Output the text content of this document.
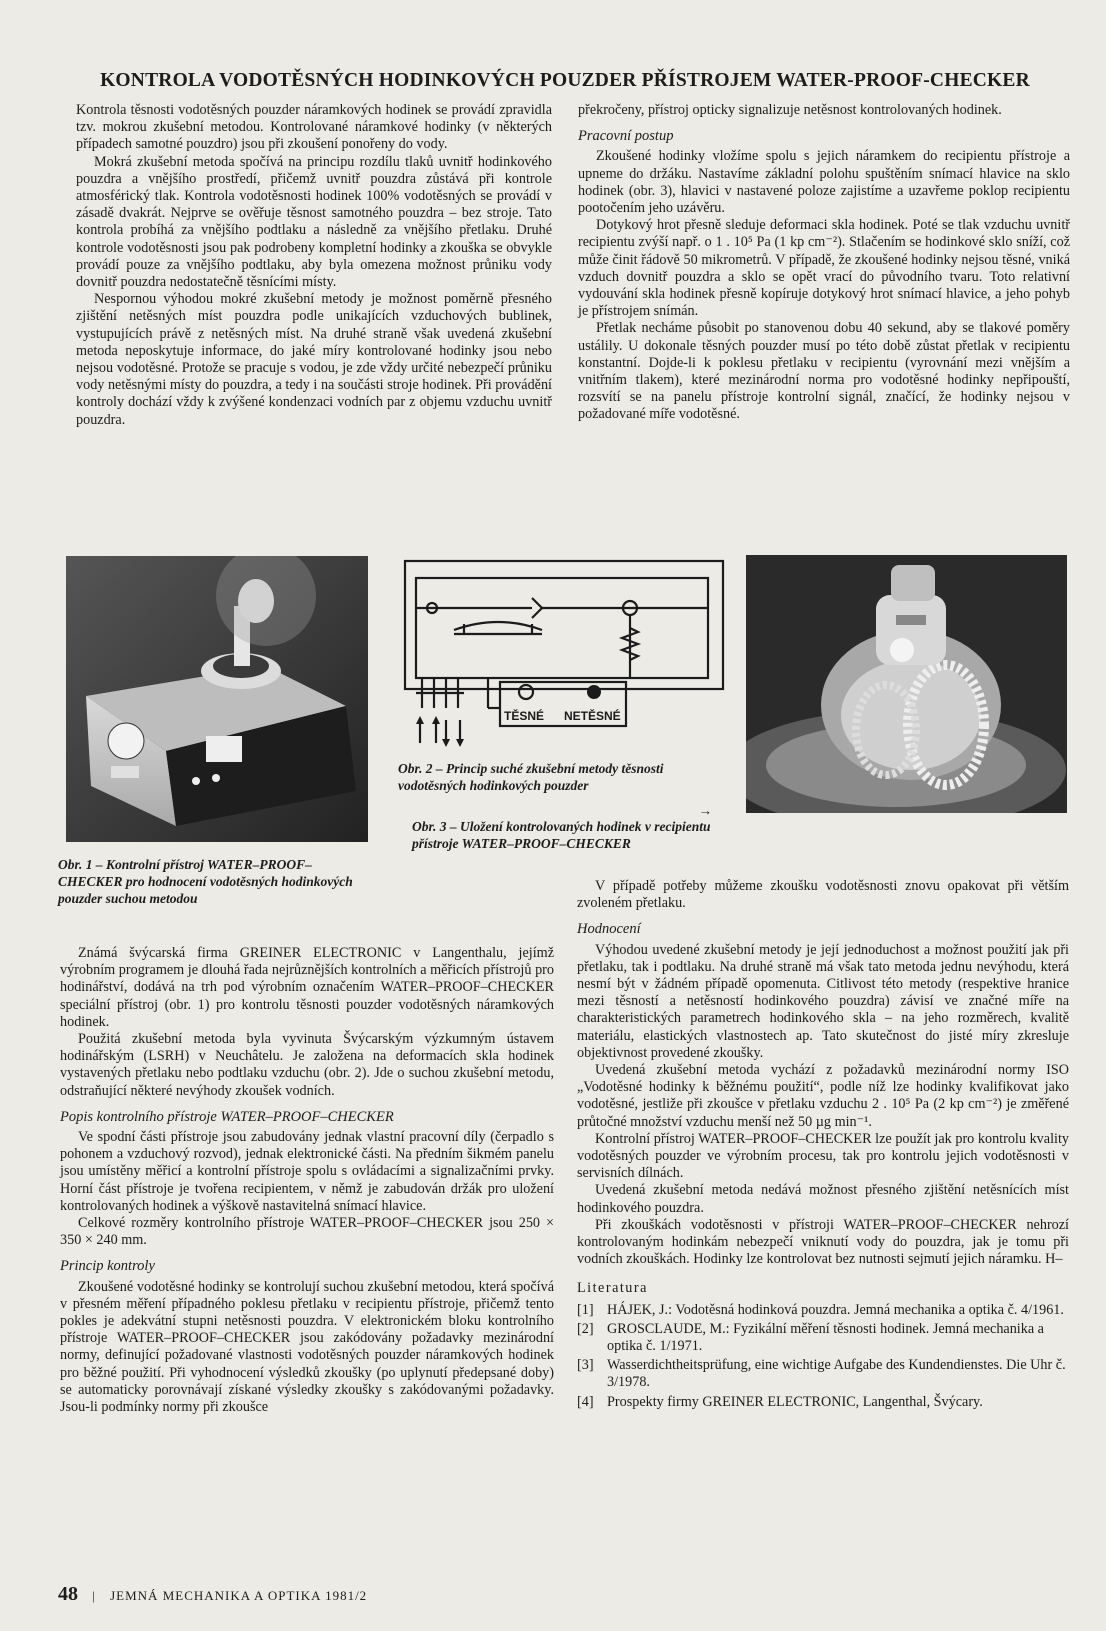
KONTROLA VODOTĚSNÝCH HODINKOVÝCH POUZDER PŘÍSTROJEM WATER-PROOF-CHECKER

Kontrola těsnosti vodotěsných pouzder náramkových hodinek se provádí zpravidla tzv. mokrou zkušební metodou. Kontrolované náramkové hodinky (v některých případech samotné pouzdro) jsou při zkoušení ponořeny do vody.

Mokrá zkušební metoda spočívá na principu rozdílu tlaků uvnitř hodinkového pouzdra a vnějšího prostředí, přičemž uvnitř pouzdra zůstává při kontrole atmosférický tlak. Kontrola vodotěsnosti hodinek 100% vodotěsných se provádí v zásadě dvakrát. Nejprve se ověřuje těsnost samotného pouzdra – bez stroje. Tato kontrola probíhá za vnějšího podtlaku a následně za vnějšího přetlaku. Druhé kontrole vodotěsnosti jsou pak podrobeny kompletní hodinky a zkouška se obvykle provádí pouze za vnějšího podtlaku, aby byla omezena možnost průniku vody dovnitř pouzdra nedostatečně těsnícími místy.

Nespornou výhodou mokré zkušební metody je možnost poměrně přesného zjištění netěsných míst pouzdra podle unikajících vzduchových bublinek, vystupujících právě z netěsných míst. Na druhé straně však uvedená zkušební metoda neposkytuje informace, do jaké míry kontrolované hodinky jsou nebo nejsou vodotěsné. Protože se pracuje s vodou, je zde vždy určité nebezpečí průniku vody netěsnými místy do pouzdra, a tedy i na součásti stroje hodinek. Při provádění kontroly dochází vždy k zvýšené kondenzaci vodních par z objemu vzduchu uvnitř pouzdra.

překročeny, přístroj opticky signalizuje netěsnost kontrolovaných hodinek.

Pracovní postup

Zkoušené hodinky vložíme spolu s jejich náramkem do recipientu přístroje a upneme do držáku. Nastavíme základní polohu spuštěním snímací hlavice na sklo hodinek (obr. 3), hlavici v nastavené poloze zajistíme a uzavřeme poklop recipientu pootočením jeho uzávěru.

Dotykový hrot přesně sleduje deformaci skla hodinek. Poté se tlak vzduchu uvnitř recipientu zvýší např. o 1 . 10⁵ Pa (1 kp cm⁻²). Stlačením se hodinkové sklo sníží, což může činit řádově 50 mikrometrů. V případě, že zkoušené hodinky nejsou těsné, vniká vzduch dovnitř pouzdra a sklo se opět vrací do původního tvaru. Toto relativní vydouvání skla hodinek přesně kopíruje dotykový hrot snímací hlavice, a jeho pohyb je přístrojem snímán.

Přetlak necháme působit po stanovenou dobu 40 sekund, aby se tlakové poměry ustálily. U dokonale těsných pouzder musí po této době zůstat přetlak v recipientu konstantní. Dojde-li k poklesu přetlaku v recipientu (vyrovnání mezi vnějším a vnitřním tlakem), které mezinárodní norma pro vodotěsné hodinky nepřipouští, rozsvítí se na panelu přístroje kontrolní signál, značící, že hodinky nejsou v požadované míře vodotěsné.

Obr. 1 – Kontrolní přístroj WATER–PROOF–CHECKER pro hodnocení vodotěsných hodinkových pouzder suchou metodou
TĚSNÉ NETĚSNÉ
Obr. 2 – Princip suché zkušební metody těsnosti vodotěsných hodinkových pouzder
→
Obr. 3 – Uložení kontrolovaných hodinek v recipientu přístroje WATER–PROOF–CHECKER

Známá švýcarská firma GREINER ELECTRONIC v Langenthalu, jejímž výrobním programem je dlouhá řada nejrůznějších kontrolních a měřicích přístrojů pro hodinářství, dodává na trh pod výrobním označením WATER–PROOF–CHECKER speciální přístroj (obr. 1) pro kontrolu těsnosti pouzder vodotěsných náramkových hodinek.

Použitá zkušební metoda byla vyvinuta Švýcarským výzkumným ústavem hodinářským (LSRH) v Neuchâtelu. Je založena na deformacích skla hodinek vystavených přetlaku nebo podtlaku vzduchu (obr. 2). Jde o suchou zkušební metodu, odstraňující některé nevýhody zkoušek vodních.

Popis kontrolního přístroje WATER–PROOF–CHECKER

Ve spodní části přístroje jsou zabudovány jednak vlastní pracovní díly (čerpadlo s pohonem a vzduchový rozvod), jednak elektronické části. Na předním šikmém panelu jsou umístěny měřicí a kontrolní přístroje spolu s ovládacími a signalizačními prvky. Horní část přístroje je tvořena recipientem, v němž je zabudován držák pro uložení kontrolovaných hodinek a výškově nastavitelná snímací hlavice.

Celkové rozměry kontrolního přístroje WATER–PROOF–CHECKER jsou 250 × 350 × 240 mm.

Princip kontroly

Zkoušené vodotěsné hodinky se kontrolují suchou zkušební metodou, která spočívá v přesném měření případného poklesu přetlaku v recipientu přístroje, přičemž tento pokles je adekvátní stupni netěsnosti pouzdra. V elektronickém bloku kontrolního přístroje WATER–PROOF–CHECKER jsou zakódovány požadavky mezinárodní normy, definující požadované vlastnosti vodotěsných pouzder náramkových hodinek pro běžné použití. Při vyhodnocení výsledků zkoušky (po uplynutí předepsané doby) se automaticky porovnávají získané výsledky zkoušky s zakódovanými požadavky. Jsou-li podmínky normy při zkoušce

V případě potřeby můžeme zkoušku vodotěsnosti znovu opakovat při větším zvoleném přetlaku.

Hodnocení

Výhodou uvedené zkušební metody je její jednoduchost a možnost použití jak při přetlaku, tak i podtlaku. Na druhé straně má však tato metoda jednu nevýhodu, která nesmí být v žádném případě opomenuta. Citlivost této metody (respektive hranice mezi těsností a netěsností hodinkového pouzdra) závisí ve značné míře na charakteristických parametrech hodinkového skla – na jeho rozměrech, kvalitě materiálu, elastických vlastnostech ap. Tato skutečnost do jisté míry zkresluje objektivnost provedené zkoušky.

Uvedená zkušební metoda vychází z požadavků mezinárodní normy ISO „Vodotěsné hodinky k běžnému použití“, podle níž lze hodinky kvalifikovat jako vodotěsné, jestliže při zkoušce v přetlaku vzduchu 2 . 10⁵ Pa (2 kp cm⁻²) je změřené průtočné množství vzduchu menší než 50 µg min⁻¹.

Kontrolní přístroj WATER–PROOF–CHECKER lze použít jak pro kontrolu kvality vodotěsných pouzder ve výrobním procesu, tak pro kontrolu jejich vodotěsnosti v servisních dílnách.

Uvedená zkušební metoda nedává možnost přesného zjištění netěsnících míst hodinkového pouzdra.

Při zkouškách vodotěsnosti v přístroji WATER–PROOF–CHECKER nehrozí kontrolovaným hodinkám nebezpečí vniknutí vody do pouzdra, jak je tomu při vodních zkouškách. Hodinky lze kontrolovat bez nutnosti sejmutí jejich náramku. H–

Literatura

[1] HÁJEK, J.: Vodotěsná hodinková pouzdra. Jemná mechanika a optika č. 4/1961.
[2] GROSCLAUDE, M.: Fyzikální měření těsnosti hodinek. Jemná mechanika a optika č. 1/1971.
[3] Wasserdichtheitsprüfung, eine wichtige Aufgabe des Kundendienstes. Die Uhr č. 3/1978.
[4] Prospekty firmy GREINER ELECTRONIC, Langenthal, Švýcary.
48 | JEMNÁ MECHANIKA A OPTIKA 1981/2
